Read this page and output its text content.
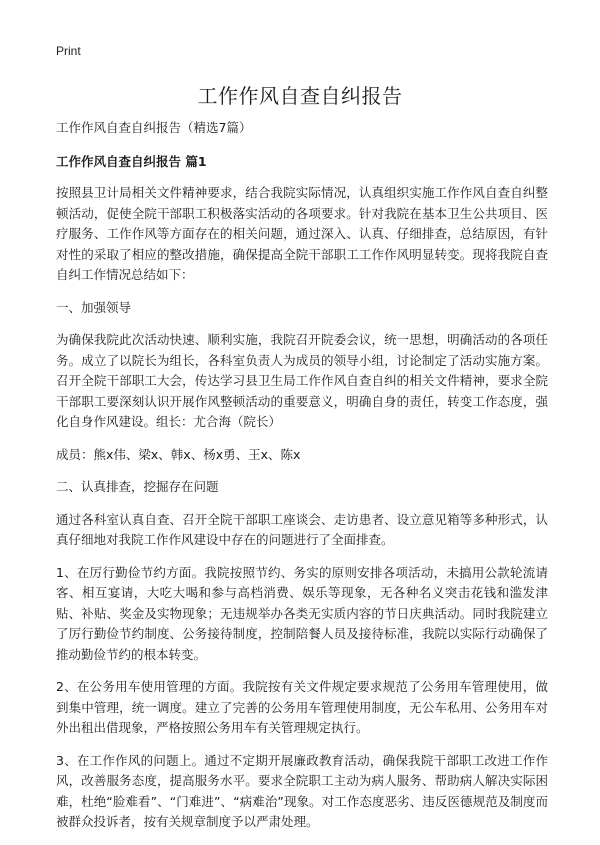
Print
工作作风自查自纠报告

工作作风自查自纠报告（精选7篇）

工作作风自查自纠报告 篇1

按照县卫计局相关文件精神要求，结合我院实际情况，认真组织实施工作作风自查自纠整顿活动，促使全院干部职工积极落实活动的各项要求。针对我院在基本卫生公共项目、医疗服务、工作作风等方面存在的相关问题，通过深入、认真、仔细排查，总结原因，有针对性的采取了相应的整改措施，确保提高全院干部职工工作作风明显转变。现将我院自查自纠工作情况总结如下：

一、加强领导

为确保我院此次活动快速、顺利实施，我院召开院委会议，统一思想，明确活动的各项任务。成立了以院长为组长，各科室负责人为成员的领导小组，讨论制定了活动实施方案。召开全院干部职工大会，传达学习县卫生局工作作风自查自纠的相关文件精神，要求全院干部职工要深刻认识开展作风整顿活动的重要意义，明确自身的责任，转变工作态度，强化自身作风建设。组长：尤合海（院长）

成员：熊x伟、梁x、韩x、杨x勇、王x、陈x

二、认真排查，挖掘存在问题

通过各科室认真自查、召开全院干部职工座谈会、走访患者、设立意见箱等多种形式，认真仔细地对我院工作作风建设中存在的问题进行了全面排查。

1、在厉行勤俭节约方面。我院按照节约、务实的原则安排各项活动，未搞用公款轮流请客、相互宴请，大吃大喝和参与高档消费、娱乐等现象，无各种名义突击花钱和滥发津贴、补贴、奖金及实物现象；无违规举办各类无实质内容的节日庆典活动。同时我院建立了厉行勤俭节约制度、公务接待制度，控制陪餐人员及接待标准，我院以实际行动确保了推动勤俭节约的根本转变。

2、在公务用车使用管理的方面。我院按有关文件规定要求规范了公务用车管理使用，做到集中管理，统一调度。建立了完善的公务用车管理使用制度，无公车私用、公务用车对外出租出借现象，严格按照公务用车有关管理规定执行。

3、在工作作风的问题上。通过不定期开展廉政教育活动，确保我院干部职工改进工作作风，改善服务态度，提高服务水平。要求全院职工主动为病人服务、帮助病人解决实际困难，杜绝“脸难看”、“门难进”、“病难治”现象。对工作态度恶劣、违反医德规范及制度而被群众投诉者，按有关规章制度予以严肃处理。
